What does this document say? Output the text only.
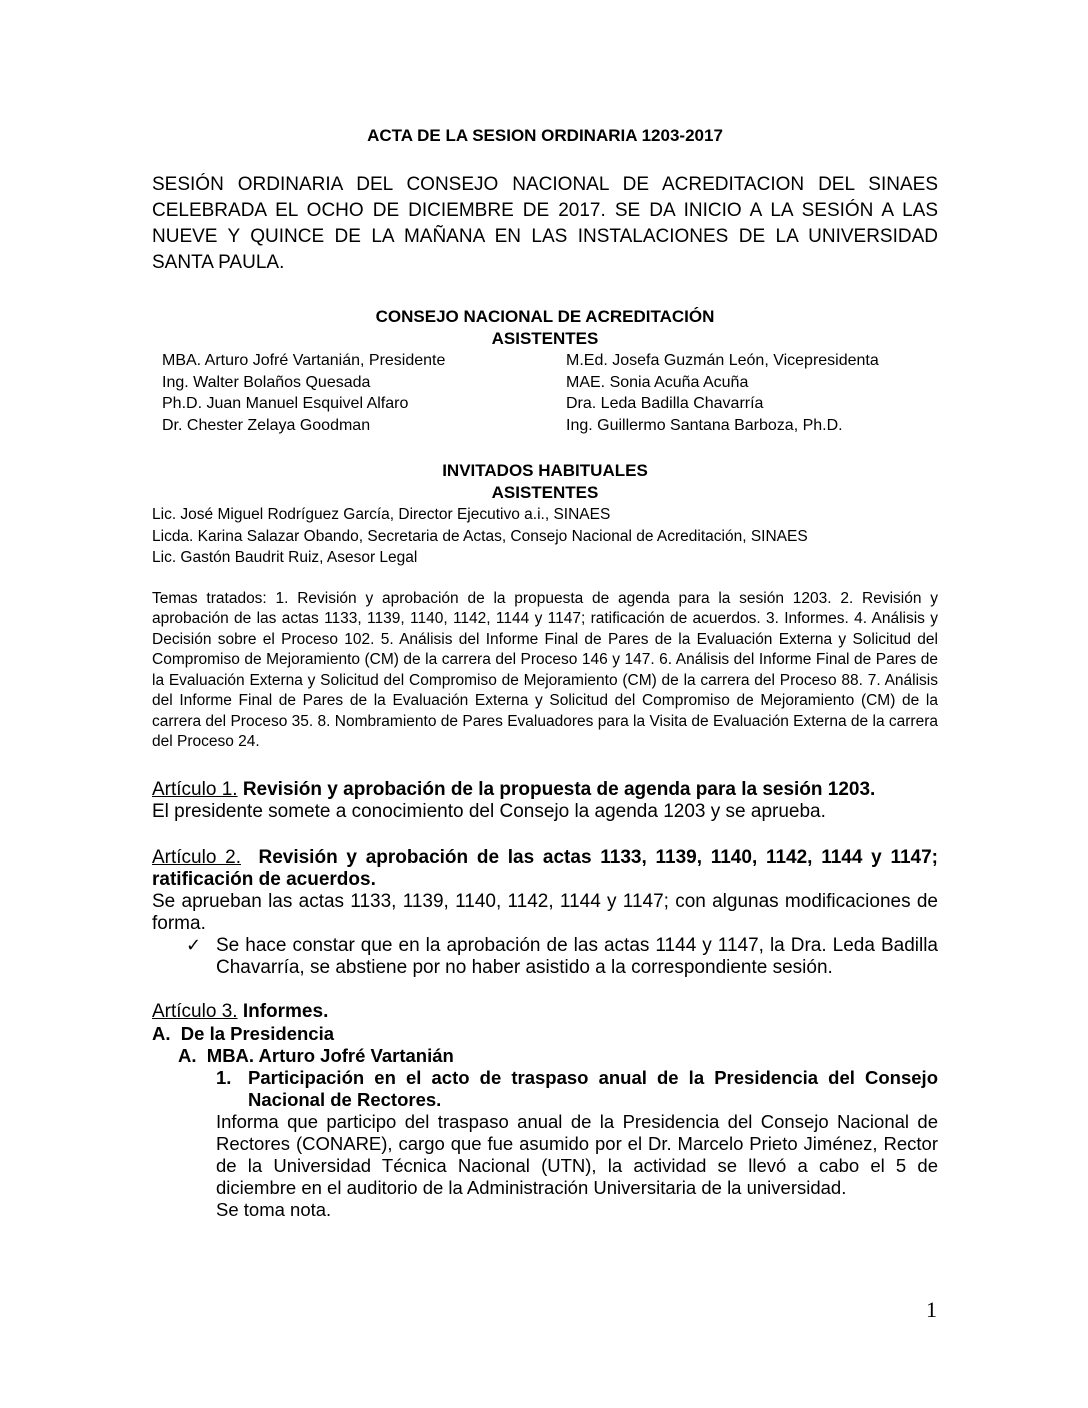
ACTA DE LA SESION ORDINARIA 1203-2017

SESIÓN ORDINARIA DEL CONSEJO NACIONAL DE ACREDITACION DEL SINAES CELEBRADA EL OCHO DE DICIEMBRE DE 2017. SE DA INICIO A LA SESIÓN A LAS NUEVE Y QUINCE DE LA MAÑANA EN LAS INSTALACIONES DE LA UNIVERSIDAD SANTA PAULA.

CONSEJO NACIONAL DE ACREDITACIÓN

ASISTENTES

MBA. Arturo Jofré Vartanián, Presidente	M.Ed. Josefa Guzmán León, Vicepresidenta
Ing. Walter Bolaños Quesada	MAE. Sonia Acuña Acuña
Ph.D. Juan Manuel Esquivel Alfaro	Dra. Leda Badilla Chavarría
Dr. Chester Zelaya Goodman	Ing. Guillermo Santana Barboza, Ph.D.

INVITADOS HABITUALES

ASISTENTES

Lic. José Miguel Rodríguez García, Director Ejecutivo a.i., SINAES
Licda. Karina Salazar Obando, Secretaria de Actas, Consejo Nacional de Acreditación, SINAES
Lic. Gastón Baudrit Ruiz, Asesor Legal

Temas tratados: 1. Revisión y aprobación de la propuesta de agenda para la sesión 1203. 2. Revisión y aprobación de las actas 1133, 1139, 1140, 1142, 1144 y 1147; ratificación de acuerdos. 3. Informes. 4. Análisis y Decisión sobre el Proceso 102. 5. Análisis del Informe Final de Pares de la Evaluación Externa y Solicitud del Compromiso de Mejoramiento (CM) de la carrera del Proceso 146 y 147. 6. Análisis del Informe Final de Pares de la Evaluación Externa y Solicitud del Compromiso de Mejoramiento (CM) de la carrera del Proceso 88. 7. Análisis del Informe Final de Pares de la Evaluación Externa y Solicitud del Compromiso de Mejoramiento (CM) de la carrera del Proceso 35. 8. Nombramiento de Pares Evaluadores para la Visita de Evaluación Externa de la carrera del Proceso 24.

Artículo 1. Revisión y aprobación de la propuesta de agenda para la sesión 1203.

El presidente somete a conocimiento del Consejo la agenda 1203 y se aprueba.

Artículo 2. Revisión y aprobación de las actas 1133, 1139, 1140, 1142, 1144 y 1147; ratificación de acuerdos.

Se aprueban las actas 1133, 1139, 1140, 1142, 1144 y 1147; con algunas modificaciones de forma.

✓ Se hace constar que en la aprobación de las actas 1144 y 1147, la Dra. Leda Badilla Chavarría, se abstiene por no haber asistido a la correspondiente sesión.

Artículo 3. Informes.

A. De la Presidencia

A. MBA. Arturo Jofré Vartanián

1. Participación en el acto de traspaso anual de la Presidencia del Consejo Nacional de Rectores.
Informa que participo del traspaso anual de la Presidencia del Consejo Nacional de Rectores (CONARE), cargo que fue asumido por el Dr. Marcelo Prieto Jiménez, Rector de la Universidad Técnica Nacional (UTN), la actividad se llevó a cabo el 5 de diciembre en el auditorio de la Administración Universitaria de la universidad.
Se toma nota.
1
